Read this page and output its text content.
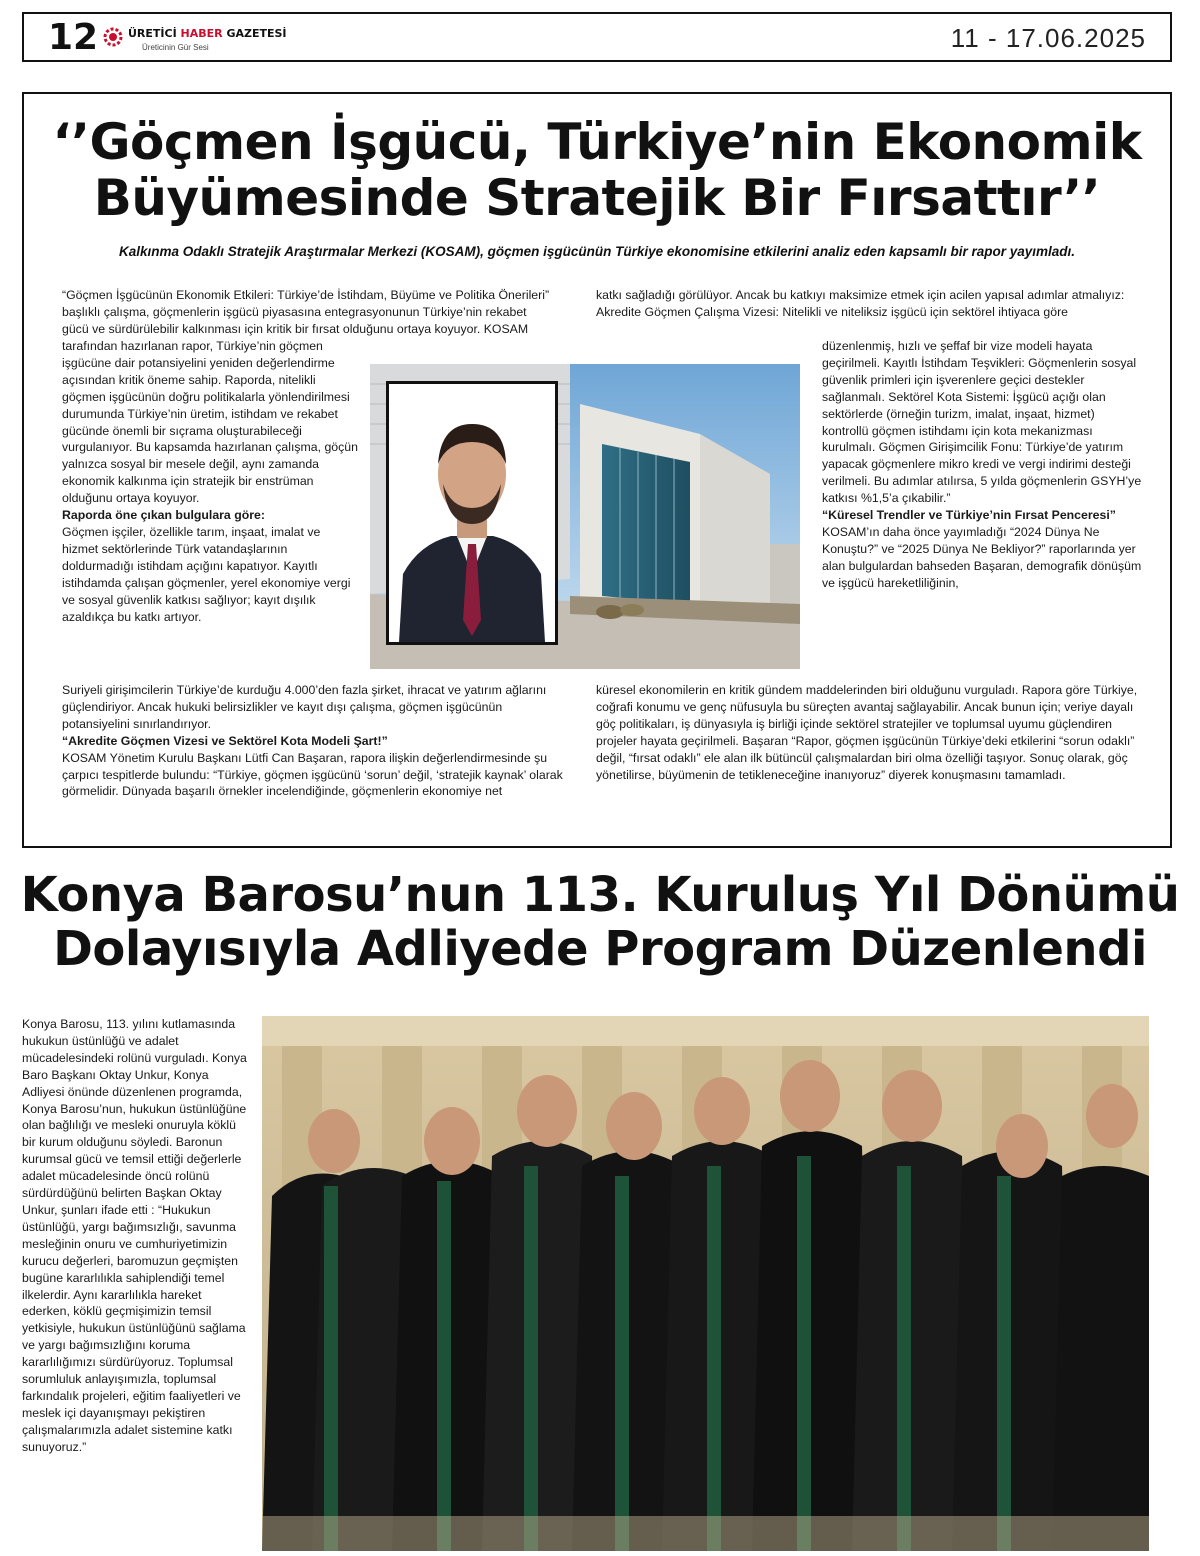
12	ÜRETİCİ HABER GAZETESİ
Üreticinin Gür Sesi	11 - 17.06.2025
‘’Göçmen İşgücü, Türkiye’nin Ekonomik
Büyümesinde Stratejik Bir Fırsattır’’
Kalkınma Odaklı Stratejik Araştırmalar Merkezi (KOSAM), göçmen işgücünün Türkiye ekonomisine etkilerini analiz eden kapsamlı bir rapor yayımladı.

“Göçmen İşgücünün Ekonomik Etkileri: Türkiye’de İstihdam, Büyüme ve Politika Önerileri” başlıklı çalışma, göçmenlerin işgücü piyasasına entegrasyonunun Türkiye’nin rekabet gücü ve sürdürülebilir kalkınması için kritik bir fırsat olduğunu ortaya koyuyor. KOSAM

tarafından hazırlanan rapor, Türkiye’nin göçmen işgücüne dair potansiyelini yeniden değerlendirme açısından kritik öneme sahip. Raporda, nitelikli göçmen işgücünün doğru politikalarla yönlendirilmesi durumunda Türkiye’nin üretim, istihdam ve rekabet gücünde önemli bir sıçrama oluşturabileceği vurgulanıyor. Bu kapsamda hazırlanan çalışma, göçün yalnızca sosyal bir mesele değil, aynı zamanda ekonomik kalkınma için stratejik bir enstrüman olduğunu ortaya koyuyor.

Raporda öne çıkan bulgulara göre:

Göçmen işçiler, özellikle tarım, inşaat, imalat ve hizmet sektörlerinde Türk vatandaşlarının doldurmadığı istihdam açığını kapatıyor. Kayıtlı istihdamda çalışan göçmenler, yerel ekonomiye vergi ve sosyal güvenlik katkısı sağlıyor; kayıt dışılık azaldıkça bu katkı artıyor.

Suriyeli girişimcilerin Türkiye’de kurduğu 4.000’den fazla şirket, ihracat ve yatırım ağlarını güçlendiriyor. Ancak hukuki belirsizlikler ve kayıt dışı çalışma, göçmen işgücünün potansiyelini sınırlandırıyor.

“Akredite Göçmen Vizesi ve Sektörel Kota Modeli Şart!”

KOSAM Yönetim Kurulu Başkanı Lütfi Can Başaran, rapora ilişkin değerlendirmesinde şu çarpıcı tespitlerde bulundu: “Türkiye, göçmen işgücünü ‘sorun’ değil, ‘stratejik kaynak’ olarak görmelidir. Dünyada başarılı örnekler incelendiğinde, göçmenlerin ekonomiye net

katkı sağladığı görülüyor. Ancak bu katkıyı maksimize etmek için acilen yapısal adımlar atmalıyız:

Akredite Göçmen Çalışma Vizesi: Nitelikli ve niteliksiz işgücü için sektörel ihtiyaca göre

düzenlenmiş, hızlı ve şeffaf bir vize modeli hayata geçirilmeli. Kayıtlı İstihdam Teşvikleri: Göçmenlerin sosyal güvenlik primleri için işverenlere geçici destekler sağlanmalı. Sektörel Kota Sistemi: İşgücü açığı olan sektörlerde (örneğin turizm, imalat, inşaat, hizmet) kontrollü göçmen istihdamı için kota mekanizması kurulmalı. Göçmen Girişimcilik Fonu: Türkiye’de yatırım yapacak göçmenlere mikro kredi ve vergi indirimi desteği verilmeli. Bu adımlar atılırsa, 5 yılda göçmenlerin GSYH’ye katkısı %1,5’a çıkabilir.”

“Küresel Trendler ve Türkiye’nin Fırsat Penceresi”

KOSAM’ın daha önce yayımladığı “2024 Dünya Ne Konuştu?” ve “2025 Dünya Ne Bekliyor?” raporlarında yer alan bulgulardan bahseden Başaran, demografik dönüşüm ve işgücü hareketliliğinin,

küresel ekonomilerin en kritik gündem maddelerinden biri olduğunu vurguladı. Rapora göre Türkiye, coğrafi konumu ve genç nüfusuyla bu süreçten avantaj sağlayabilir. Ancak bunun için; veriye dayalı göç politikaları, iş dünyasıyla iş birliği içinde sektörel stratejiler ve toplumsal uyumu güçlendiren projeler hayata geçirilmeli. Başaran “Rapor, göçmen işgücünün Türkiye’deki etkilerini “sorun odaklı” değil, “fırsat odaklı” ele alan ilk bütüncül çalışmalardan biri olma özelliği taşıyor. Sonuç olarak, göç yönetilirse, büyümenin de tetikleneceğine inanıyoruz” diyerek konuşmasını tamamladı.

Konya Barosu’nun 113. Kuruluş Yıl Dönümü
Dolayısıyla Adliyede Program Düzenlendi

Konya Barosu, 113. yılını kutlamasında hukukun üstünlüğü ve adalet mücadelesindeki rolünü vurguladı. Konya Baro Başkanı Oktay Unkur, Konya Adliyesi önünde düzenlenen programda, Konya Barosu’nun, hukukun üstünlüğüne olan bağlılığı ve mesleki onuruyla köklü bir kurum olduğunu söyledi. Baronun kurumsal gücü ve temsil ettiği değerlerle adalet mücadelesinde öncü rolünü sürdürdüğünü belirten Başkan Oktay Unkur, şunları ifade etti : “Hukukun üstünlüğü, yargı bağımsızlığı, savunma mesleğinin onuru ve cumhuriyetimizin kurucu değerleri, baromuzun geçmişten bugüne kararlılıkla sahiplendiği temel ilkelerdir. Aynı kararlılıkla hareket ederken, köklü geçmişimizin temsil yetkisiyle, hukukun üstünlüğünü sağlama ve yargı bağımsızlığını koruma kararlılığımızı sürdürüyoruz. Toplumsal sorumluluk anlayışımızla, toplumsal farkındalık projeleri, eğitim faaliyetleri ve meslek içi dayanışmayı pekiştiren çalışmalarımızla adalet sistemine katkı sunuyoruz.”
